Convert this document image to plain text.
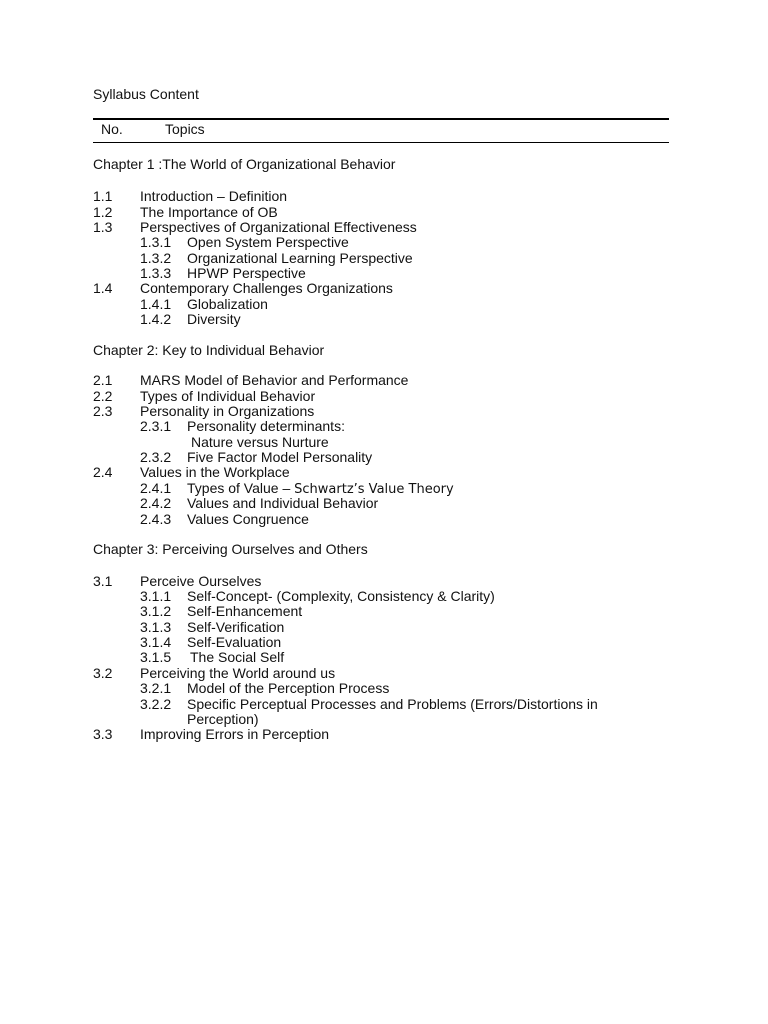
Syllabus Content
No.	Topics
Chapter 1 :The World of Organizational Behavior
1.1 Introduction – Definition
1.2 The Importance of OB
1.3 Perspectives of Organizational Effectiveness
1.3.1 Open System Perspective
1.3.2 Organizational Learning Perspective
1.3.3 HPWP Perspective
1.4 Contemporary Challenges Organizations
1.4.1 Globalization
1.4.2 Diversity
Chapter 2: Key to Individual Behavior
2.1 MARS Model of Behavior and Performance
2.2 Types of Individual Behavior
2.3 Personality in Organizations
2.3.1 Personality determinants:
Nature versus Nurture
2.3.2 Five Factor Model Personality
2.4 Values in the Workplace
2.4.1 Types of Value – Schwartz’s Value Theory
2.4.2 Values and Individual Behavior
2.4.3 Values Congruence
Chapter 3: Perceiving Ourselves and Others
3.1 Perceive Ourselves
3.1.1 Self-Concept- (Complexity, Consistency & Clarity)
3.1.2 Self-Enhancement
3.1.3 Self-Verification
3.1.4 Self-Evaluation
3.1.5 The Social Self
3.2 Perceiving the World around us
3.2.1 Model of the Perception Process
3.2.2 Specific Perceptual Processes and Problems (Errors/Distortions in
Perception)
3.3 Improving Errors in Perception
